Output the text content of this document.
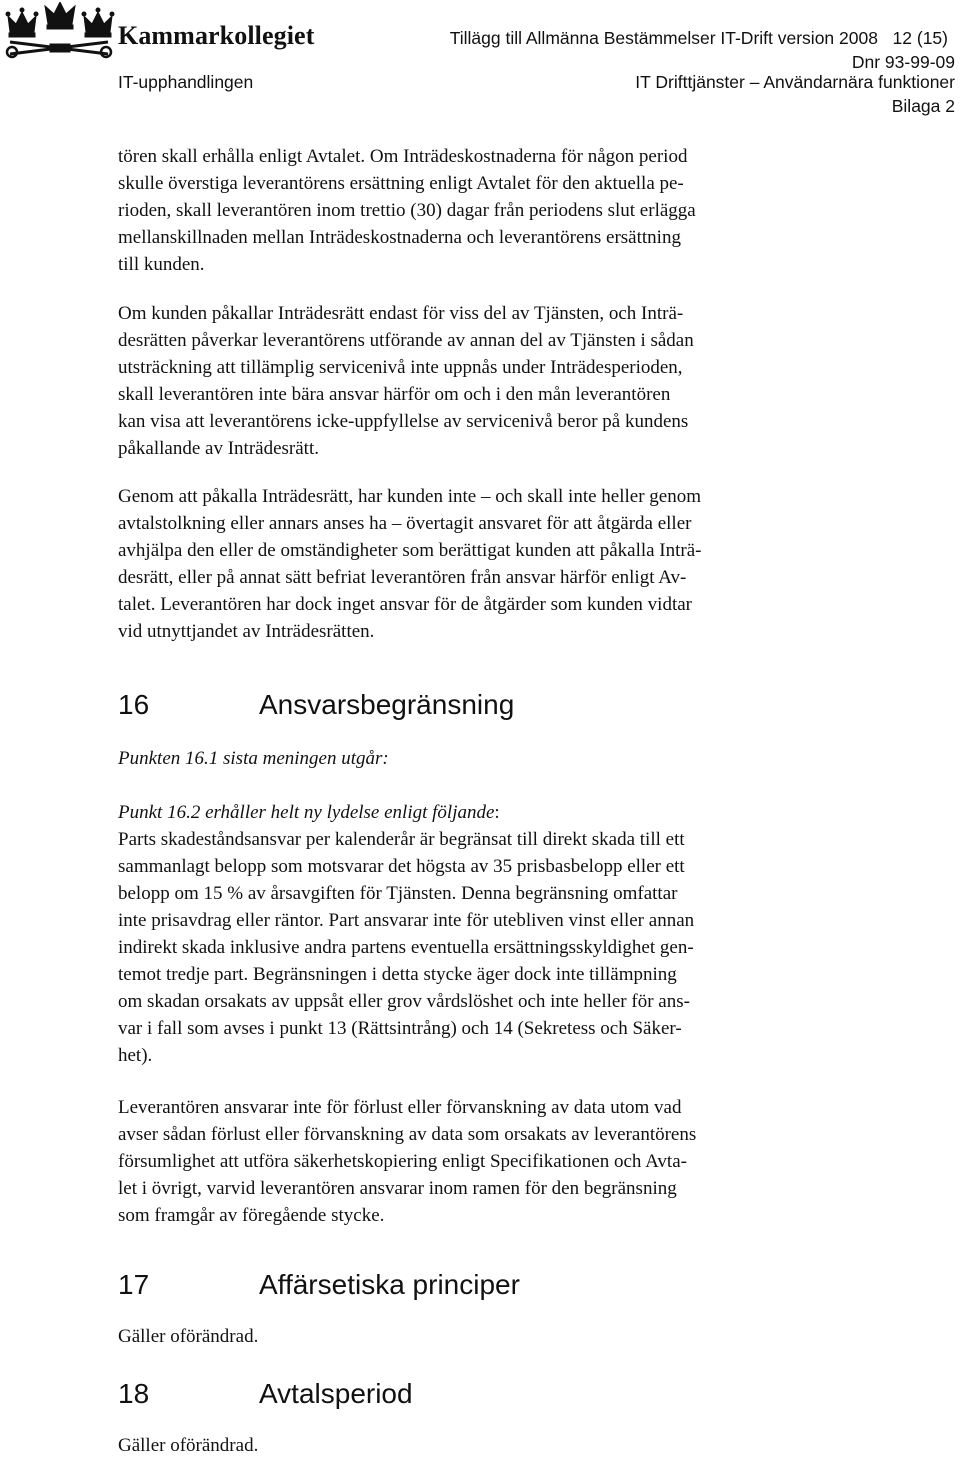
Kammarkollegiet	Tillägg till Allmänna Bestämmelser IT-Drift version 2008 12 (15)
Dnr 93-99-09
IT-upphandlingen	IT Drifttjänster – Användarnära funktioner
Bilaga 2

tören skall erhålla enligt Avtalet. Om Inträdeskostnaderna för någon period
skulle överstiga leverantörens ersättning enligt Avtalet för den aktuella pe-
rioden, skall leverantören inom trettio (30) dagar från periodens slut erlägga
mellanskillnaden mellan Inträdeskostnaderna och leverantörens ersättning
till kunden.

Om kunden påkallar Inträdesrätt endast för viss del av Tjänsten, och Inträ-
desrätten påverkar leverantörens utförande av annan del av Tjänsten i sådan
utsträckning att tillämplig servicenivå inte uppnås under Inträdesperioden,
skall leverantören inte bära ansvar härför om och i den mån leverantören
kan visa att leverantörens icke-uppfyllelse av servicenivå beror på kundens
påkallande av Inträdesrätt.

Genom att påkalla Inträdesrätt, har kunden inte – och skall inte heller genom
avtalstolkning eller annars anses ha – övertagit ansvaret för att åtgärda eller
avhjälpa den eller de omständigheter som berättigat kunden att påkalla Inträ-
desrätt, eller på annat sätt befriat leverantören från ansvar härför enligt Av-
talet. Leverantören har dock inget ansvar för de åtgärder som kunden vidtar
vid utnyttjandet av Inträdesrätten.

16	Ansvarsbegränsning

Punkten 16.1 sista meningen utgår:

Punkt 16.2 erhåller helt ny lydelse enligt följande:

Parts skadeståndsansvar per kalenderår är begränsat till direkt skada till ett
sammanlagt belopp som motsvarar det högsta av 35 prisbasbelopp eller ett
belopp om 15 % av årsavgiften för Tjänsten. Denna begränsning omfattar
inte prisavdrag eller räntor. Part ansvarar inte för utebliven vinst eller annan
indirekt skada inklusive andra partens eventuella ersättningsskyldighet gen-
temot tredje part. Begränsningen i detta stycke äger dock inte tillämpning
om skadan orsakats av uppsåt eller grov vårdslöshet och inte heller för ans-
var i fall som avses i punkt 13 (Rättsintrång) och 14 (Sekretess och Säker-
het).

Leverantören ansvarar inte för förlust eller förvanskning av data utom vad
avser sådan förlust eller förvanskning av data som orsakats av leverantörens
försumlighet att utföra säkerhetskopiering enligt Specifikationen och Avta-
let i övrigt, varvid leverantören ansvarar inom ramen för den begränsning
som framgår av föregående stycke.

17	Affärsetiska principer

Gäller oförändrad.

18	Avtalsperiod

Gäller oförändrad.
